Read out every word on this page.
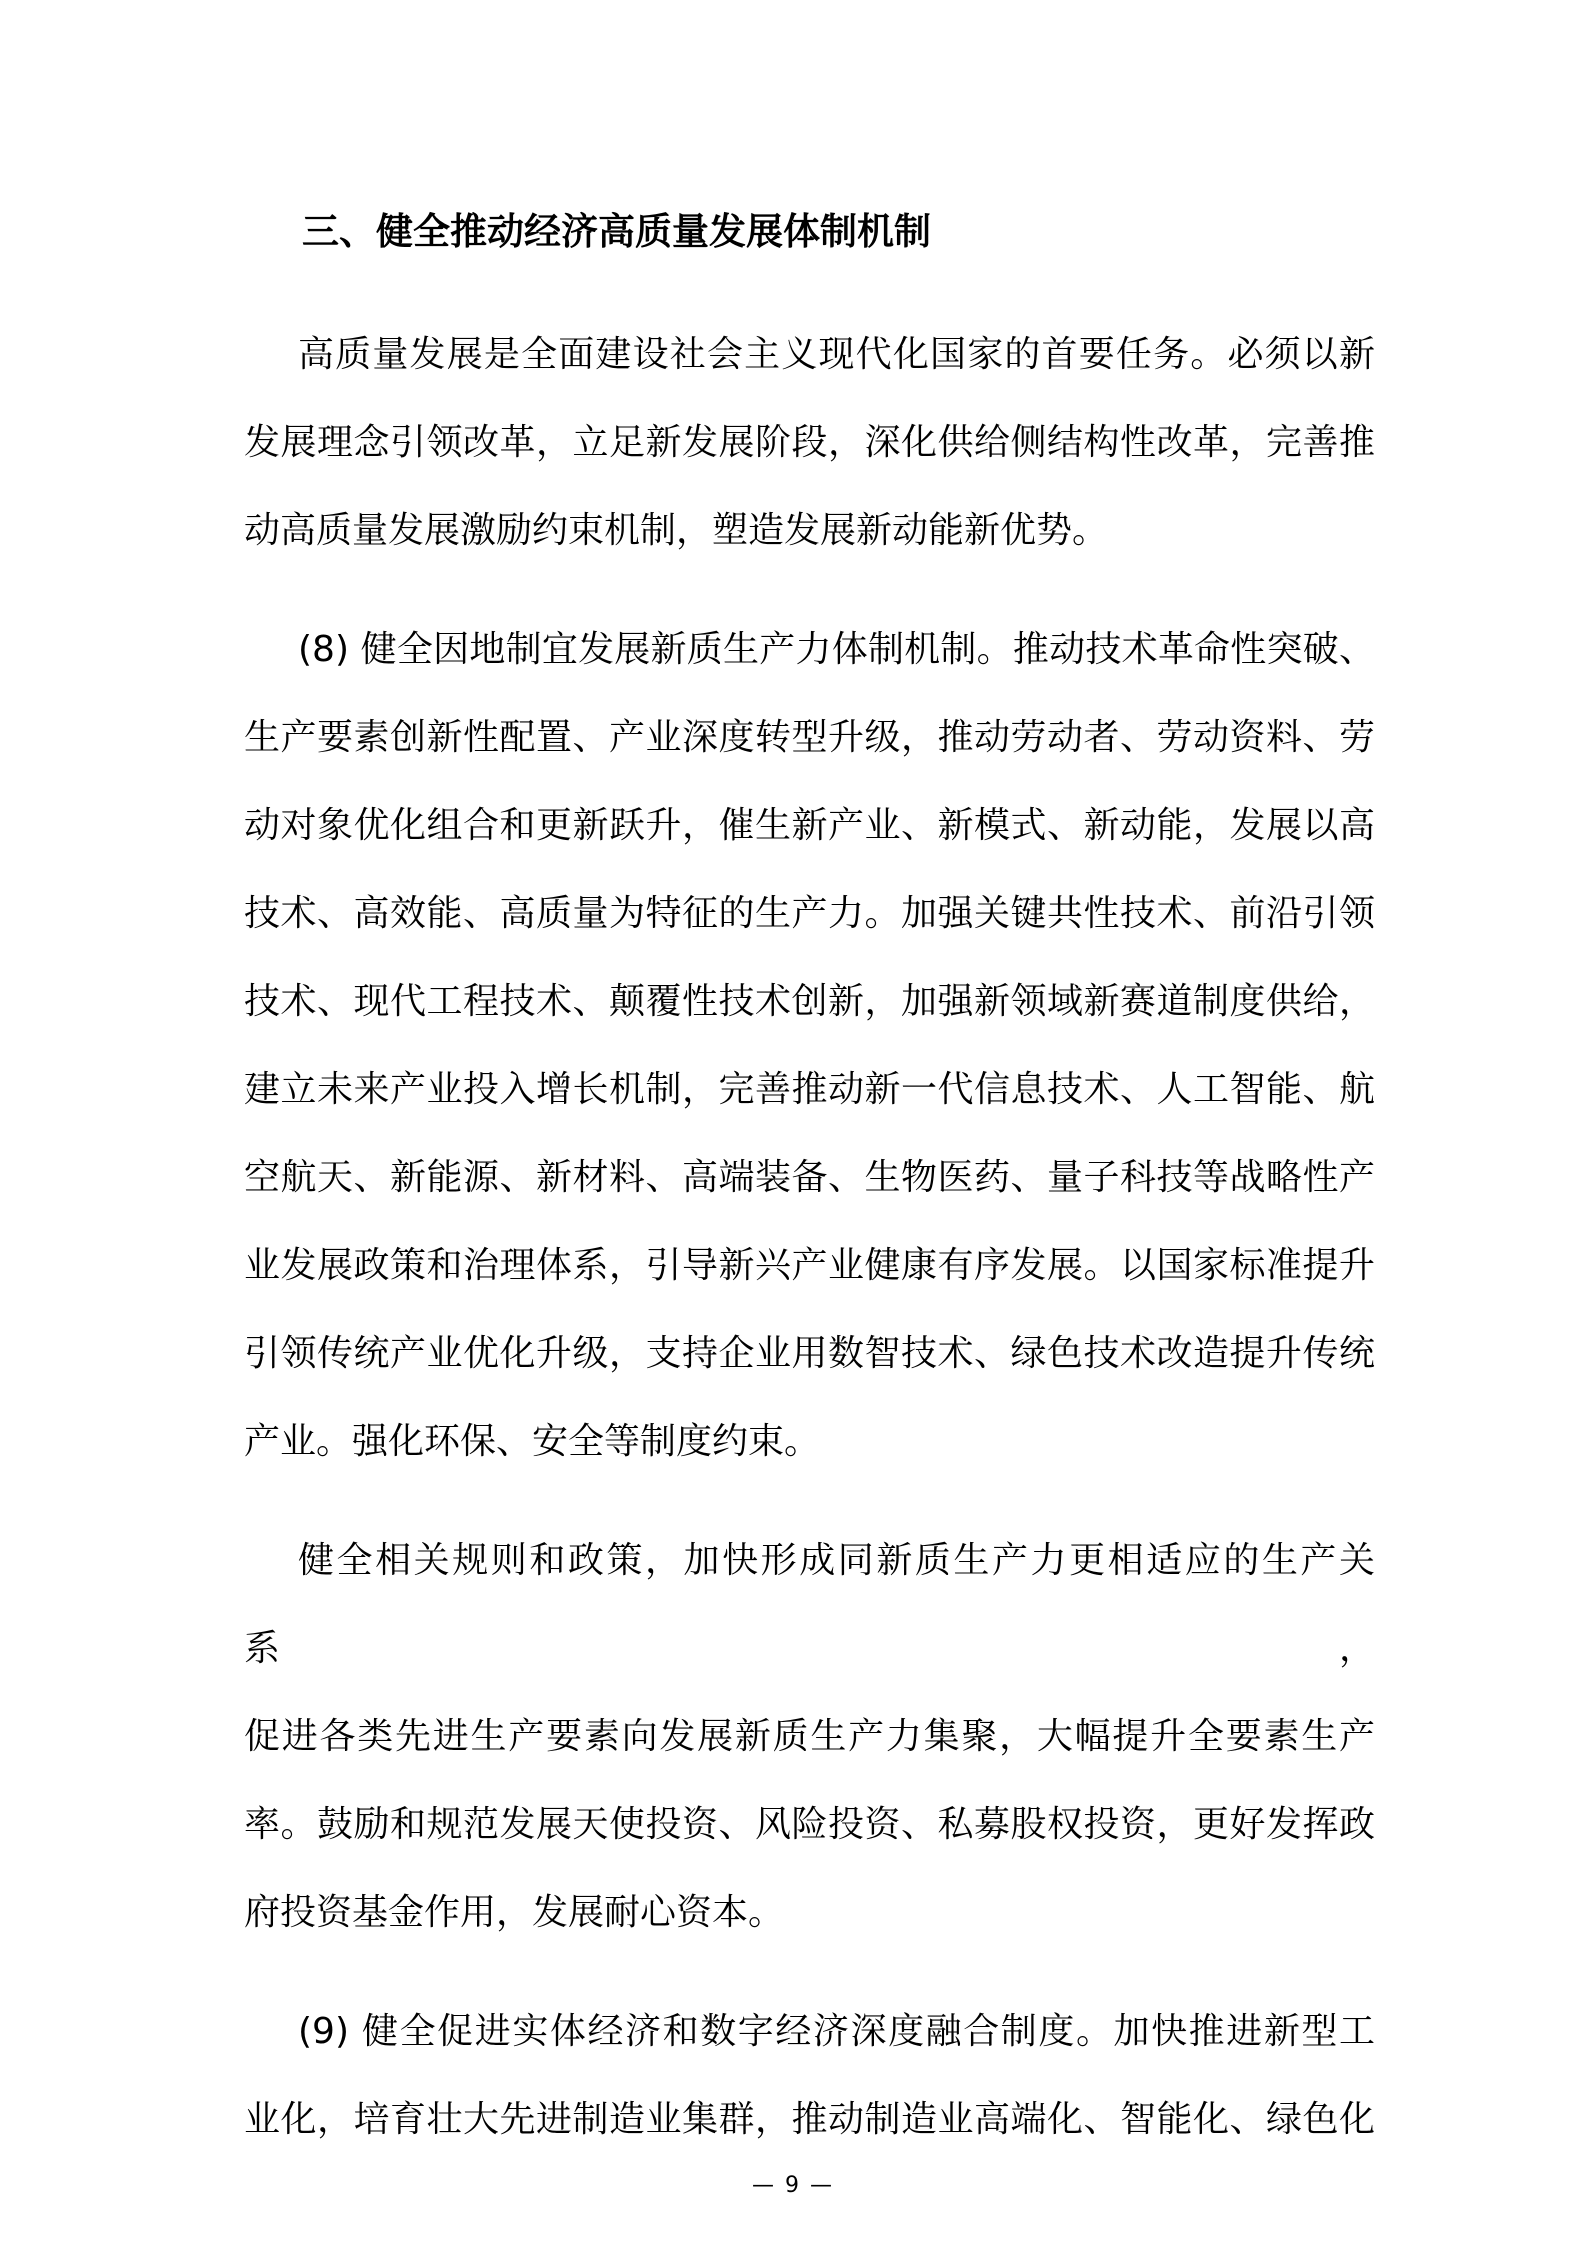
三、健全推动经济高质量发展体制机制
高质量发展是全面建设社会主义现代化国家的首要任务。必须以新
发展理念引领改革，立足新发展阶段，深化供给侧结构性改革，完善推
动高质量发展激励约束机制，塑造发展新动能新优势。
(8) 健全因地制宜发展新质生产力体制机制。推动技术革命性突破、
生产要素创新性配置、产业深度转型升级，推动劳动者、劳动资料、劳
动对象优化组合和更新跃升，催生新产业、新模式、新动能，发展以高
技术、高效能、高质量为特征的生产力。加强关键共性技术、前沿引领
技术、现代工程技术、颠覆性技术创新，加强新领域新赛道制度供给，
建立未来产业投入增长机制，完善推动新一代信息技术、人工智能、航
空航天、新能源、新材料、高端装备、生物医药、量子科技等战略性产
业发展政策和治理体系，引导新兴产业健康有序发展。以国家标准提升
引领传统产业优化升级，支持企业用数智技术、绿色技术改造提升传统
产业。强化环保、安全等制度约束。
健全相关规则和政策，加快形成同新质生产力更相适应的生产关系，
促进各类先进生产要素向发展新质生产力集聚，大幅提升全要素生产
率。鼓励和规范发展天使投资、风险投资、私募股权投资，更好发挥政
府投资基金作用，发展耐心资本。
(9) 健全促进实体经济和数字经济深度融合制度。加快推进新型工
业化，培育壮大先进制造业集群，推动制造业高端化、智能化、绿色化
— 9 —
